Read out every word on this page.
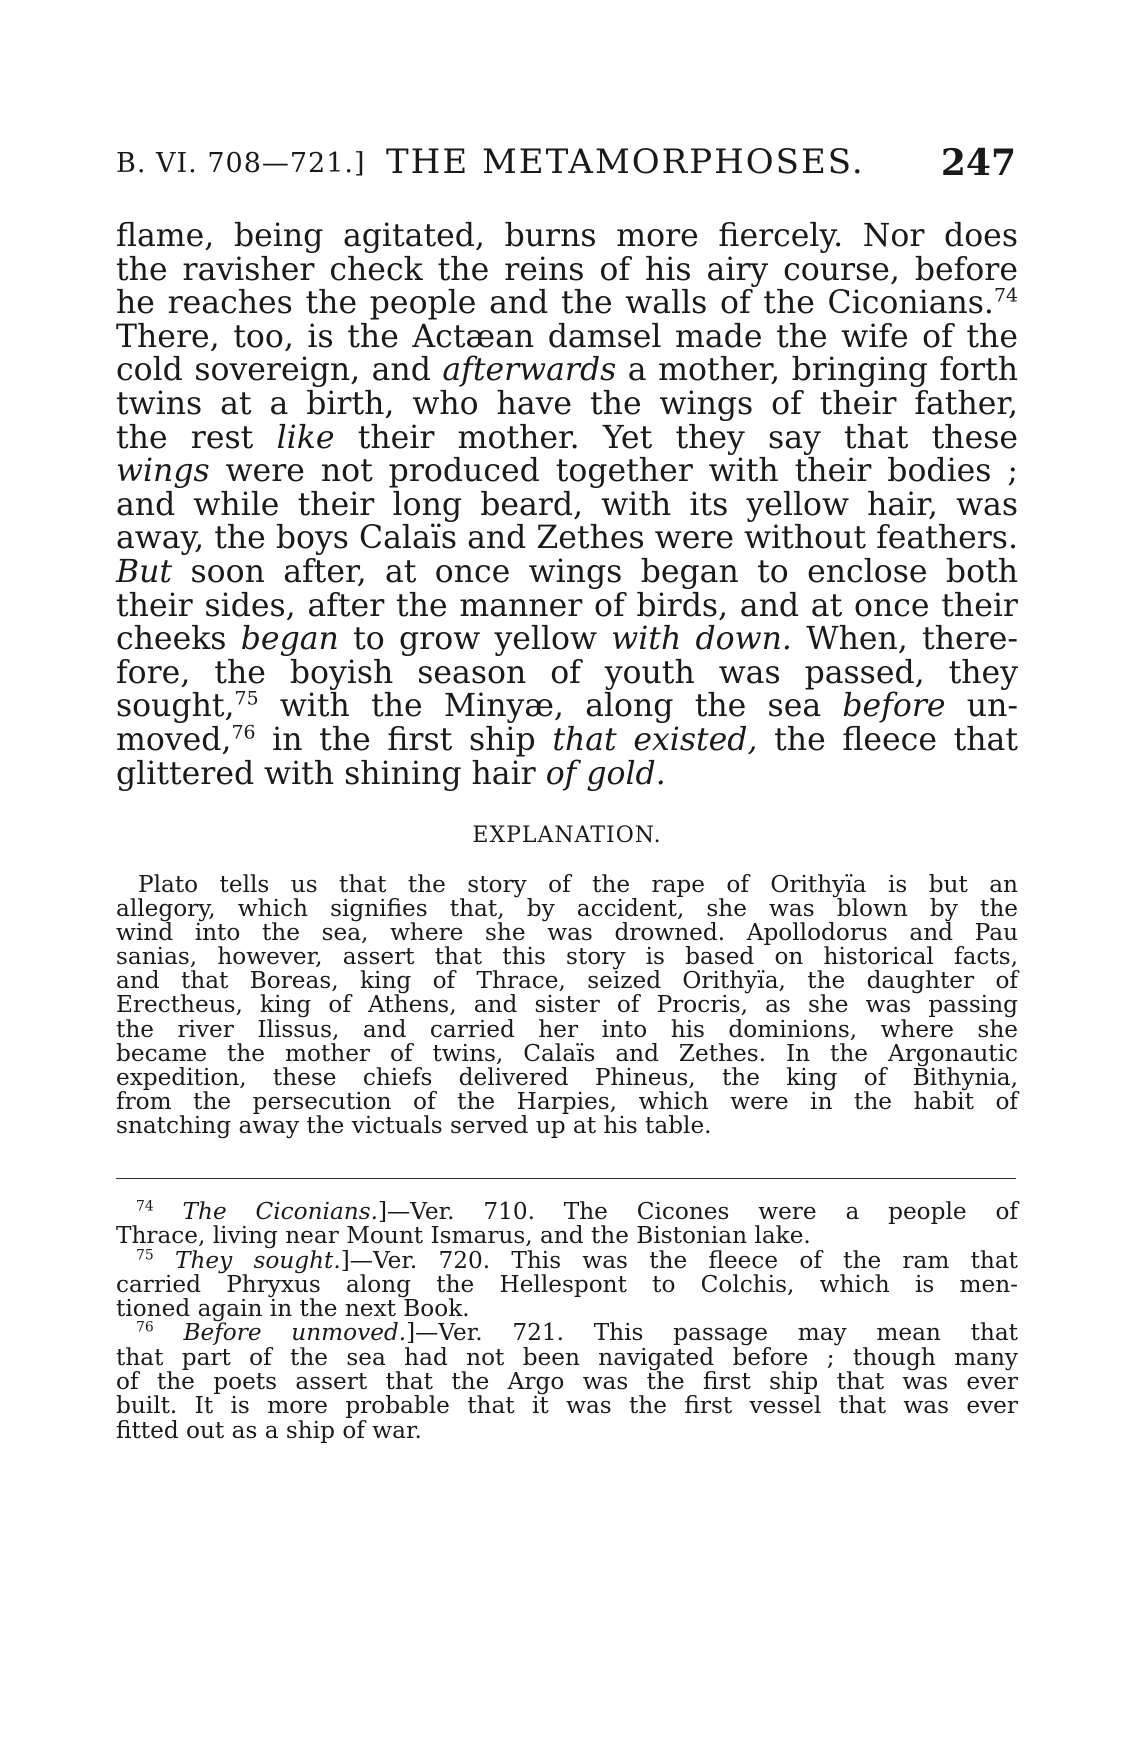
B. VI. 708—721.] THE METAMORPHOSES. 247
flame, being agitated, burns more fiercely. Nor does
the ravisher check the reins of his airy course, before
he reaches the people and the walls of the Ciconians.$^{74}$
There, too, is the Actæan damsel made the wife of the
cold sovereign, and afterwards a mother, bringing forth
twins at a birth, who have the wings of their father,
the rest like their mother. Yet they say that these
wings were not produced together with their bodies ;
and while their long beard, with its yellow hair, was
away, the boys Calaïs and Zethes were without feathers.
But soon after, at once wings began to enclose both
their sides, after the manner of birds, and at once their
cheeks began to grow yellow with down. When, there-
fore, the boyish season of youth was passed, they
sought,$^{75}$ with the Minyæ, along the sea before un-
moved,$^{76}$ in the first ship that existed, the fleece that
glittered with shining hair of gold.
EXPLANATION.
Plato tells us that the story of the rape of Orithyïa is but an
allegory, which signifies that, by accident, she was blown by the
wind into the sea, where she was drowned. Apollodorus and Pau
sanias, however, assert that this story is based on historical facts,
and that Boreas, king of Thrace, seized Orithyïa, the daughter of
Erectheus, king of Athens, and sister of Procris, as she was passing
the river Ilissus, and carried her into his dominions, where she
became the mother of twins, Calaïs and Zethes. In the Argonautic
expedition, these chiefs delivered Phineus, the king of Bithynia,
from the persecution of the Harpies, which were in the habit of
snatching away the victuals served up at his table.
$^{74}$ The Ciconians.]—Ver. 710. The Cicones were a people of
Thrace, living near Mount Ismarus, and the Bistonian lake.
$^{75}$ They sought.]—Ver. 720. This was the fleece of the ram that
carried Phryxus along the Hellespont to Colchis, which is men-
tioned again in the next Book.
$^{76}$ Before unmoved.]—Ver. 721. This passage may mean that
that part of the sea had not been navigated before ; though many
of the poets assert that the Argo was the first ship that was ever
built. It is more probable that it was the first vessel that was ever
fitted out as a ship of war.
